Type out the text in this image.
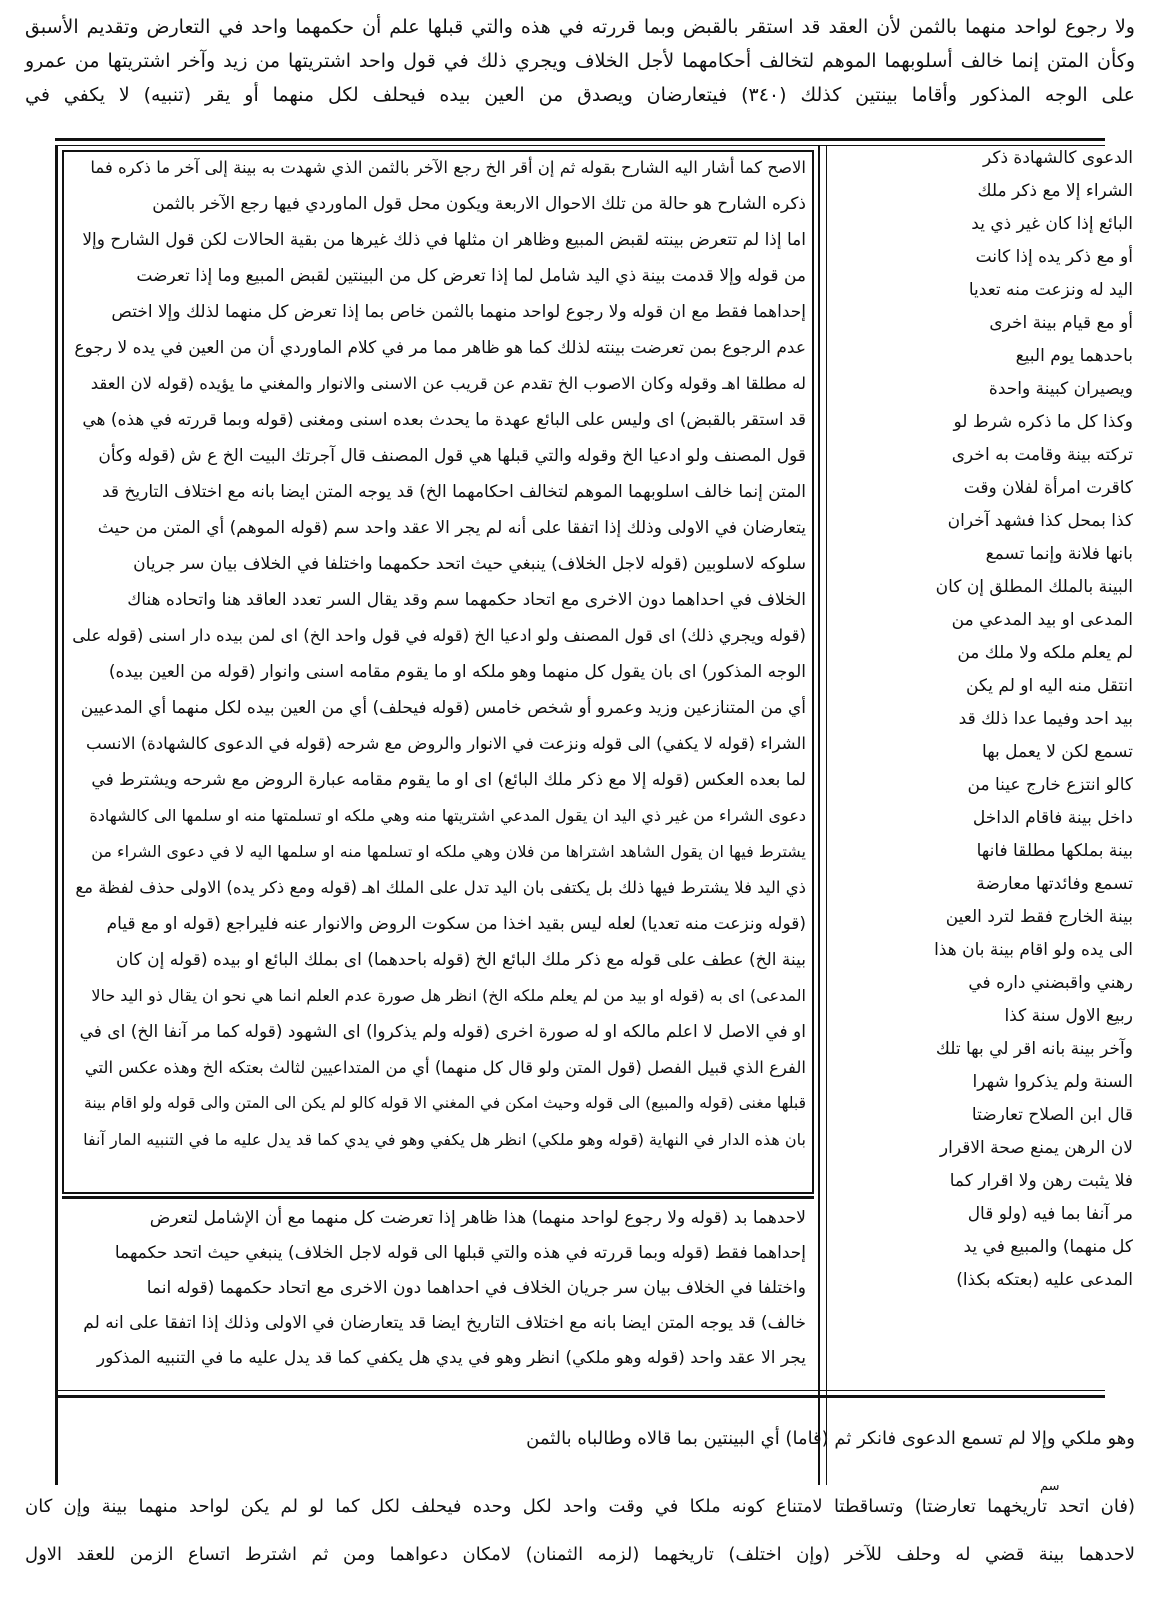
ولا رجوع لواحد منهما بالثمن لأن العقد قد استقر بالقبض وبما قررته في هذه والتي قبلها علم أن حكمهما واحد في التعارض وتقديم الأسبق
وكأن المتن إنما خالف أسلوبهما الموهم لتخالف أحكامهما لأجل الخلاف ويجري ذلك في قول واحد اشتريتها من زيد وآخر اشتريتها من عمرو
على الوجه المذكور وأقاما بينتين كذلك (٣٤٠) فيتعارضان ويصدق من العين بيده فيحلف لكل منهما أو يقر (تنبيه) لا يكفي في
الاصح كما أشار اليه الشارح بقوله ثم إن أقر الخ رجع الآخر بالثمن الذي شهدت به بينة إلى آخر ما ذكره فما
ذكره الشارح هو حالة من تلك الاحوال الاربعة ويكون محل قول الماوردي فيها رجع الآخر بالثمن
اما إذا لم تتعرض بينته لقبض المبيع وظاهر ان مثلها في ذلك غيرها من بقية الحالات لكن قول الشارح وإلا
من قوله وإلا قدمت بينة ذي اليد شامل لما إذا تعرض كل من البينتين لقبض المبيع وما إذا تعرضت
إحداهما فقط مع ان قوله ولا رجوع لواحد منهما بالثمن خاص بما إذا تعرض كل منهما لذلك وإلا اختص
عدم الرجوع بمن تعرضت بينته لذلك كما هو ظاهر مما مر في كلام الماوردي أن من العين في يده لا رجوع
له مطلقا اهـ وقوله وكان الاصوب الخ تقدم عن قريب عن الاسنى والانوار والمغني ما يؤيده (قوله لان العقد
قد استقر بالقبض) اى وليس على البائع عهدة ما يحدث بعده اسنى ومغنى (قوله وبما قررته في هذه) هي
قول المصنف ولو ادعيا الخ وقوله والتي قبلها هي قول المصنف قال آجرتك البيت الخ ع ش (قوله وكأن
المتن إنما خالف اسلوبهما الموهم لتخالف احكامهما الخ) قد يوجه المتن ايضا بانه مع اختلاف التاريخ قد
يتعارضان في الاولى وذلك إذا اتفقا على أنه لم يجر الا عقد واحد سم (قوله الموهم) أي المتن من حيث
سلوكه لاسلوبين (قوله لاجل الخلاف) ينبغي حيث اتحد حكمهما واختلفا في الخلاف بيان سر جريان
الخلاف في احداهما دون الاخرى مع اتحاد حكمهما سم وقد يقال السر تعدد العاقد هنا واتحاده هناك
(قوله ويجري ذلك) اى قول المصنف ولو ادعيا الخ (قوله في قول واحد الخ) اى لمن بيده دار اسنى (قوله على
الوجه المذكور) اى بان يقول كل منهما وهو ملكه او ما يقوم مقامه اسنى وانوار (قوله من العين بيده)
أي من المتنازعين وزيد وعمرو أو شخص خامس (قوله فيحلف) أي من العين بيده لكل منهما أي المدعيين
الشراء (قوله لا يكفي) الى قوله ونزعت في الانوار والروض مع شرحه (قوله في الدعوى كالشهادة) الانسب
لما بعده العكس (قوله إلا مع ذكر ملك البائع) اى او ما يقوم مقامه عبارة الروض مع شرحه ويشترط في
دعوى الشراء من غير ذي اليد ان يقول المدعي اشتريتها منه وهي ملكه او تسلمتها منه او سلمها الى كالشهادة
يشترط فيها ان يقول الشاهد اشتراها من فلان وهي ملكه او تسلمها منه او سلمها اليه لا في دعوى الشراء من
ذي اليد فلا يشترط فيها ذلك بل يكتفى بان اليد تدل على الملك اهـ (قوله ومع ذكر يده) الاولى حذف لفظة مع
(قوله ونزعت منه تعديا) لعله ليس بقيد اخذا من سكوت الروض والانوار عنه فليراجع (قوله او مع قيام
بينة الخ) عطف على قوله مع ذكر ملك البائع الخ (قوله باحدهما) اى بملك البائع او بيده (قوله إن كان
المدعى) اى به (قوله او بيد من لم يعلم ملكه الخ) انظر هل صورة عدم العلم انما هي نحو ان يقال ذو اليد حالا
او في الاصل لا اعلم مالكه او له صورة اخرى (قوله ولم يذكروا) اى الشهود (قوله كما مر آنفا الخ) اى في
الفرع الذي قبيل الفصل (قول المتن ولو قال كل منهما) أي من المتداعيين لثالث بعتكه الخ وهذه عكس التي
قبلها مغنى (قوله والمبيع) الى قوله وحيث امكن في المغني الا قوله كالو لم يكن الى المتن والى قوله ولو اقام بينة
بان هذه الدار في النهاية (قوله وهو ملكي) انظر هل يكفي وهو في يدي كما قد يدل عليه ما في التنبيه المار آنفا
لاحدهما بد (قوله ولا رجوع لواحد منهما) هذا ظاهر إذا تعرضت كل منهما مع أن الإشامل لتعرض
إحداهما فقط (قوله وبما قررته في هذه والتي قبلها الى قوله لاجل الخلاف) ينبغي حيث اتحد حكمهما
واختلفا في الخلاف بيان سر جريان الخلاف في احداهما دون الاخرى مع اتحاد حكمهما (قوله انما
خالف) قد يوجه المتن ايضا بانه مع اختلاف التاريخ ايضا قد يتعارضان في الاولى وذلك إذا اتفقا على انه لم
يجر الا عقد واحد (قوله وهو ملكي) انظر وهو في يدي هل يكفي كما قد يدل عليه ما في التنبيه المذكور
الدعوى كالشهادة ذكر
الشراء إلا مع ذكر ملك
البائع إذا كان غير ذي يد
أو مع ذكر يده إذا كانت
اليد له ونزعت منه تعديا
أو مع قيام بينة اخرى
باحدهما يوم البيع
ويصيران كبينة واحدة
وكذا كل ما ذكره شرط لو
تركته بينة وقامت به اخرى
كاقرت امرأة لفلان وقت
كذا بمحل كذا فشهد آخران
بانها فلانة وإنما تسمع
البينة بالملك المطلق إن كان
المدعى او بيد المدعي من
لم يعلم ملكه ولا ملك من
انتقل منه اليه او لم يكن
بيد احد وفيما عدا ذلك قد
تسمع لكن لا يعمل بها
كالو انتزع خارج عينا من
داخل بينة فاقام الداخل
بينة بملكها مطلقا فانها
تسمع وفائدتها معارضة
بينة الخارج فقط لترد العين
الى يده ولو اقام بينة بان هذا
رهني واقبضني داره في
ربيع الاول سنة كذا
وآخر بينة بانه اقر لي بها تلك
السنة ولم يذكروا شهرا
قال ابن الصلاح تعارضتا
لان الرهن يمنع صحة الاقرار
فلا يثبت رهن ولا اقرار كما
مر آنفا بما فيه (ولو قال
كل منهما) والمبيع في يد
المدعى عليه (بعتكه بكذا)
سم
وهو ملكي وإلا لم تسمع الدعوى فانكر ثم (قاما) أي البينتين بما قالاه وطالباه بالثمن
(فان اتحد تاريخهما تعارضتا) وتساقطتا لامتناع كونه ملكا في وقت واحد لكل وحده فيحلف لكل كما لو لم يكن لواحد منهما بينة وإن كان
لاحدهما بينة قضي له وحلف للآخر (وإن اختلف) تاريخهما (لزمه الثمنان) لامكان دعواهما ومن ثم اشترط اتساع الزمن للعقد الاول
